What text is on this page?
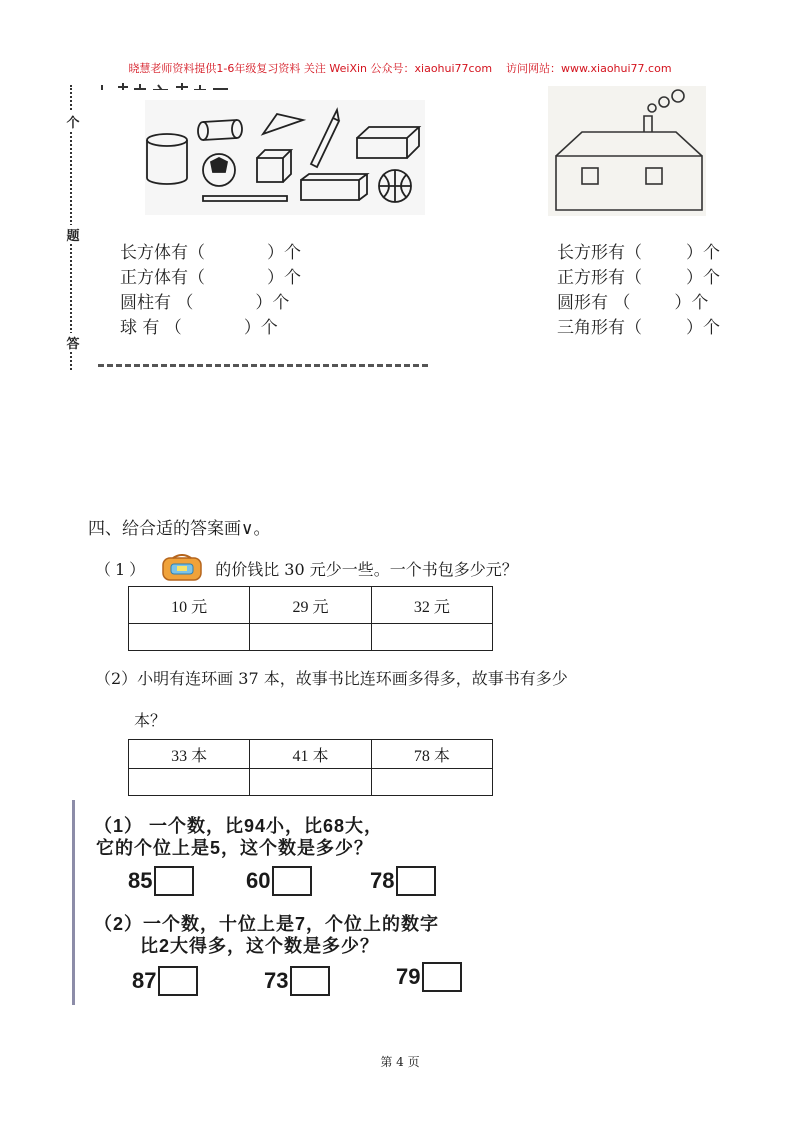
晓慧老师资料提供1-6年级复习资料 关注 WeiXin 公众号：xiaohui77com 访问网站：www.xiaohui77.com
个
题
答
长方体有（	）个
正方体有（	）个
圆柱有 （	）个
球 有 （	）个
长方形有（	）个
正方形有（	）个
圆形有 （	）个
三角形有（	）个
四、给合适的答案画∨。
（1）	的价钱比 30 元少一些。一个书包多少元？
10 元	29 元	32 元

（2）小明有连环画 37 本，故事书比连环画多得多，故事书有多少
本？
33 本	41 本	78 本

（1） 一个数，比94小，比68大，
它的个位上是5，这个数是多少？
85	60	78
（2）一个数，十位上是7，个位上的数字
比2大得多，这个数是多少？
87	73	79
第 4 页
